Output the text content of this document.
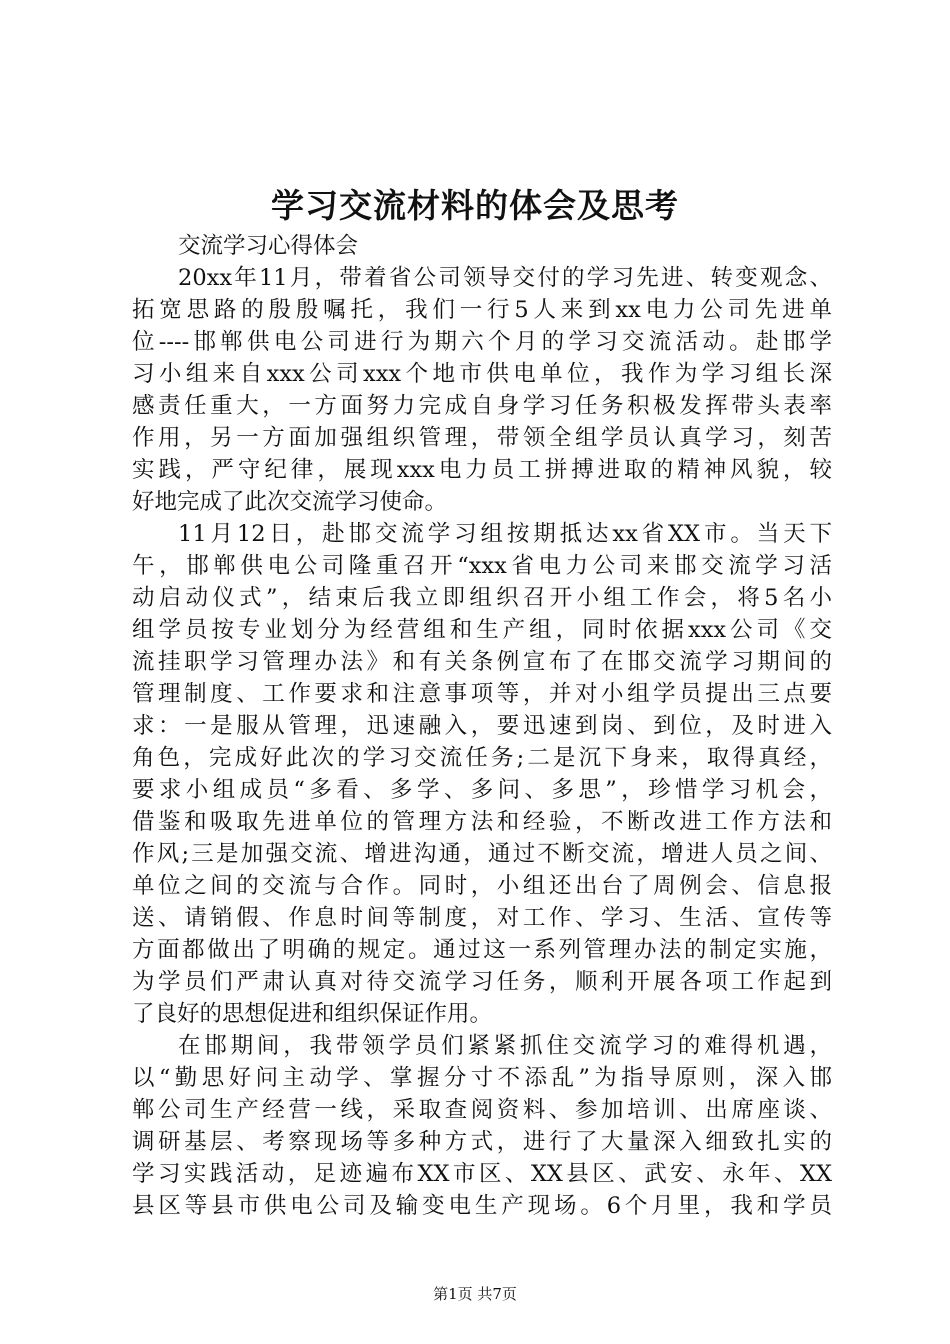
学习交流材料的体会及思考
交流学习心得体会
20xx年11月，带着省公司领导交付的学习先进、转变观念、
拓宽思路的殷殷嘱托，我们一行5人来到xx电力公司先进单
位----邯郸供电公司进行为期六个月的学习交流活动。赴邯学
习小组来自xxx公司xxx个地市供电单位，我作为学习组长深
感责任重大，一方面努力完成自身学习任务积极发挥带头表率
作用，另一方面加强组织管理，带领全组学员认真学习，刻苦
实践，严守纪律，展现xxx电力员工拼搏进取的精神风貌，较
好地完成了此次交流学习使命。
11月12日，赴邯交流学习组按期抵达xx省XX市。当天下
午，邯郸供电公司隆重召开“xxx省电力公司来邯交流学习活
动启动仪式”，结束后我立即组织召开小组工作会，将5名小
组学员按专业划分为经营组和生产组，同时依据xxx公司《交
流挂职学习管理办法》和有关条例宣布了在邯交流学习期间的
管理制度、工作要求和注意事项等，并对小组学员提出三点要
求：一是服从管理，迅速融入，要迅速到岗、到位，及时进入
角色，完成好此次的学习交流任务;二是沉下身来，取得真经，
要求小组成员“多看、多学、多问、多思”，珍惜学习机会，
借鉴和吸取先进单位的管理方法和经验，不断改进工作方法和
作风;三是加强交流、增进沟通，通过不断交流，增进人员之间、
单位之间的交流与合作。同时，小组还出台了周例会、信息报
送、请销假、作息时间等制度，对工作、学习、生活、宣传等
方面都做出了明确的规定。通过这一系列管理办法的制定实施，
为学员们严肃认真对待交流学习任务，顺利开展各项工作起到
了良好的思想促进和组织保证作用。
在邯期间，我带领学员们紧紧抓住交流学习的难得机遇，
以“勤思好问主动学、掌握分寸不添乱”为指导原则，深入邯
郸公司生产经营一线，采取查阅资料、参加培训、出席座谈、
调研基层、考察现场等多种方式，进行了大量深入细致扎实的
学习实践活动，足迹遍布XX市区、XX县区、武安、永年、XX
县区等县市供电公司及输变电生产现场。6个月里，我和学员
第1页 共7页
